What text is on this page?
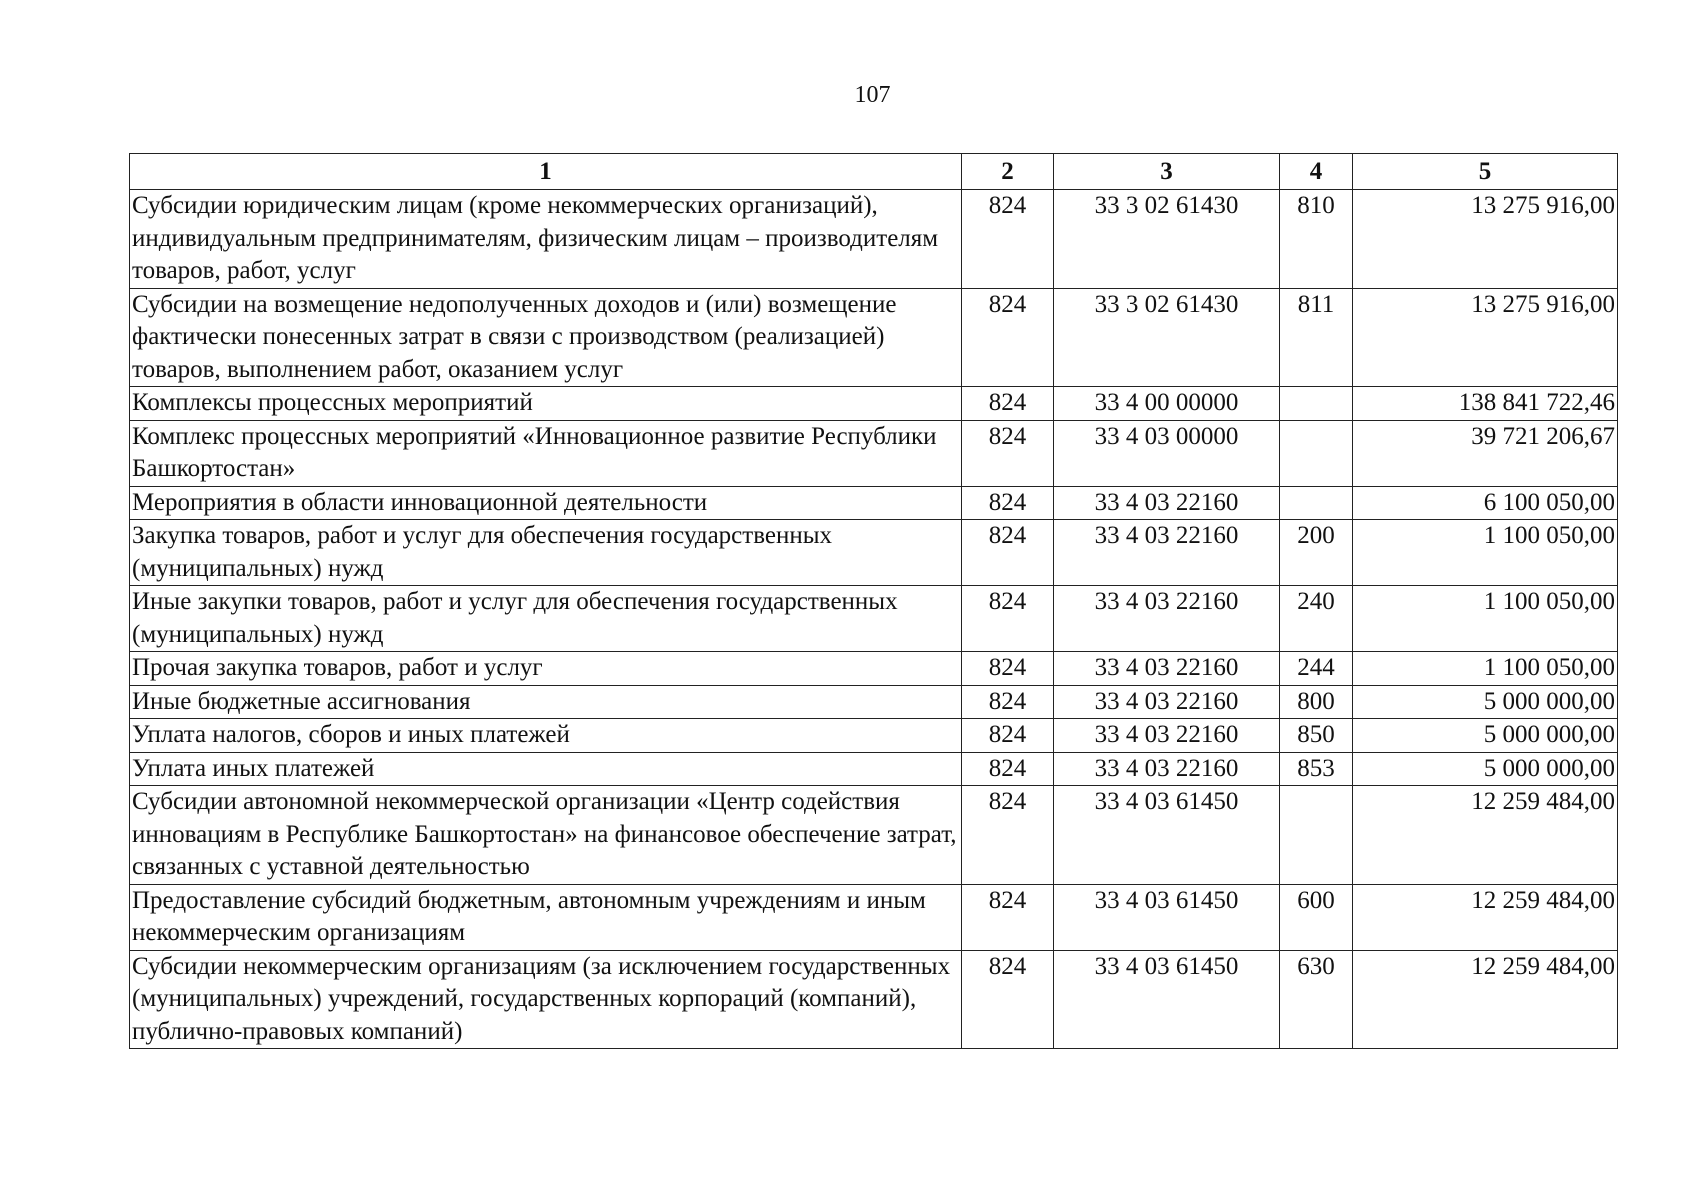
107
1	2	3	4	5
Субсидии юридическим лицам (кроме некоммерческих организаций), индивидуальным предпринимателям, физическим лицам – производителям товаров, работ, услуг	824	33 3 02 61430	810	13 275 916,00
Субсидии на возмещение недополученных доходов и (или) возмещение фактически понесенных затрат в связи с производством (реализацией) товаров, выполнением работ, оказанием услуг	824	33 3 02 61430	811	13 275 916,00
Комплексы процессных мероприятий	824	33 4 00 00000		138 841 722,46
Комплекс процессных мероприятий «Инновационное развитие Республики Башкортостан»	824	33 4 03 00000		39 721 206,67
Мероприятия в области инновационной деятельности	824	33 4 03 22160		6 100 050,00
Закупка товаров, работ и услуг для обеспечения государственных (муниципальных) нужд	824	33 4 03 22160	200	1 100 050,00
Иные закупки товаров, работ и услуг для обеспечения государственных (муниципальных) нужд	824	33 4 03 22160	240	1 100 050,00
Прочая закупка товаров, работ и услуг	824	33 4 03 22160	244	1 100 050,00
Иные бюджетные ассигнования	824	33 4 03 22160	800	5 000 000,00
Уплата налогов, сборов и иных платежей	824	33 4 03 22160	850	5 000 000,00
Уплата иных платежей	824	33 4 03 22160	853	5 000 000,00
Субсидии автономной некоммерческой организации «Центр содействия инновациям в Республике Башкортостан» на финансовое обеспечение затрат, связанных с уставной деятельностью	824	33 4 03 61450		12 259 484,00
Предоставление субсидий бюджетным, автономным учреждениям и иным некоммерческим организациям	824	33 4 03 61450	600	12 259 484,00
Субсидии некоммерческим организациям (за исключением государственных (муниципальных) учреждений, государственных корпораций (компаний), публично-правовых компаний)	824	33 4 03 61450	630	12 259 484,00
